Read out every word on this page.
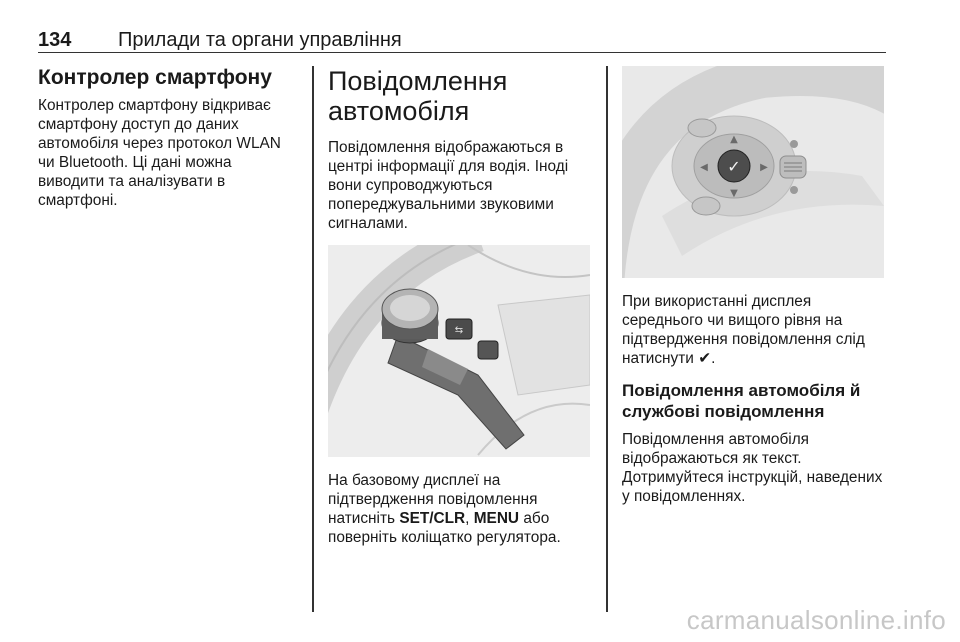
134 Прилади та органи управління
Контролер смартфону

Контролер смартфону відкриває смартфону доступ до даних автомобіля через протокол WLAN чи Bluetooth. Ці дані можна виводити та аналізувати в смартфоні.

Повідомлення автомобіля

Повідомлення відображаються в центрі інформації для водія. Іноді вони супроводжуються попереджувальними звуковими сигналами.

⇆

На базовому дисплеї на підтвердження повідомлення натисніть SET/CLR, MENU або поверніть коліщатко регулятора.

✓
▲
▼
◀	▶

При використанні дисплея середнього чи вищого рівня на підтвердження повідомлення слід натиснути ✔.

Повідомлення автомобіля й службові повідомлення

Повідомлення автомобіля відображаються як текст. Дотримуйтеся інструкцій, наведених у повідомленнях.

carmanualsonline.info
